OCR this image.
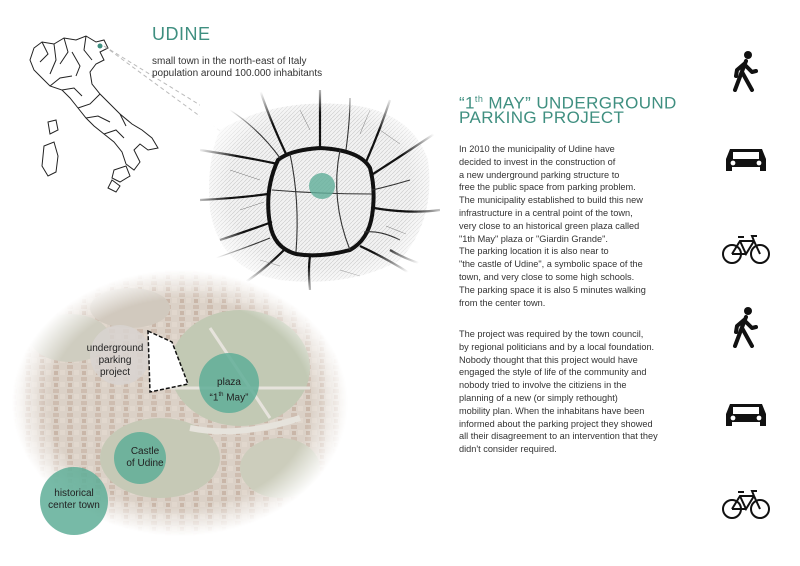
UDINE
small town in the north-east of Italy
population around 100.000 inhabitants
underground
parking
project
plaza
“1th May”
Castle
of Udine
historical
center town
“1th MAY” UNDERGROUND
PARKING PROJECT
In 2010 the municipality of Udine have
decided to invest in the construction of
a new underground parking structure to
free the public space from parking problem.
The municipality established to build this new
infrastructure in a central point of the town,
very close to an historical green plaza called
"1th May" plaza or "Giardin Grande".
The parking location it is also near to
"the castle of Udine", a symbolic space of the
town, and very close to some high schools.
The parking space it is also 5 minutes walking
from the center town.
The project was required by the town council,
by regional politicians and by a local foundation.
Nobody thought that this project would have
engaged the style of life of the community and
nobody tried to involve the citiziens in the
planning of a new (or simply rethought)
mobility plan. When the inhabitans have been
informed about the parking project they showed
all their disagreement to an intervention that they
didn't consider required.
